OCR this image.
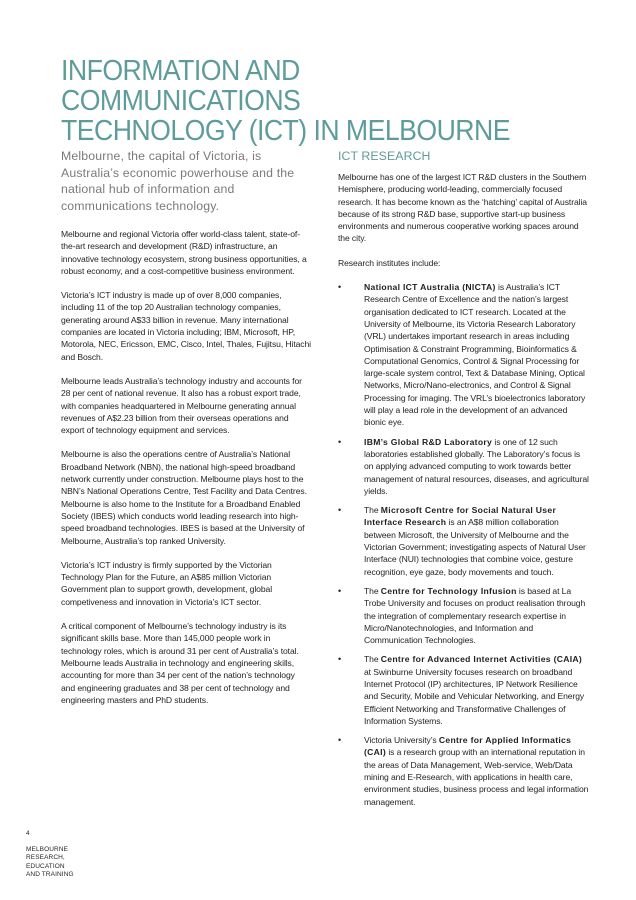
INFORMATION AND COMMUNICATIONS
TECHNOLOGY (ICT) IN MELBOURNE

Melbourne, the capital of Victoria, is Australia’s economic powerhouse and the national hub of information and communications technology.

Melbourne and regional Victoria offer world-class talent, state-of-the-art research and development (R&D) infrastructure, an innovative technology ecosystem, strong business opportunities, a robust economy, and a cost-competitive business environment.

Victoria’s ICT industry is made up of over 8,000 companies, including 11 of the top 20 Australian technology companies, generating around A$33 billion in revenue. Many international companies are located in Victoria including; IBM, Microsoft, HP, Motorola, NEC, Ericsson, EMC, Cisco, Intel, Thales, Fujitsu, Hitachi and Bosch.

Melbourne leads Australia’s technology industry and accounts for 28 per cent of national revenue. It also has a robust export trade, with companies headquartered in Melbourne generating annual revenues of A$2.23 billion from their overseas operations and export of technology equipment and services.

Melbourne is also the operations centre of Australia’s National Broadband Network (NBN), the national high-speed broadband network currently under construction. Melbourne plays host to the NBN’s National Operations Centre, Test Facility and Data Centres. Melbourne is also home to the Institute for a Broadband Enabled Society (IBES) which conducts world leading research into high-speed broadband technologies. IBES is based at the University of Melbourne, Australia’s top ranked University.

Victoria’s ICT industry is firmly supported by the Victorian Technology Plan for the Future, an A$85 million Victorian Government plan to support growth, development, global competiveness and innovation in Victoria’s ICT sector.

A critical component of Melbourne’s technology industry is its significant skills base. More than 145,000 people work in technology roles, which is around 31 per cent of Australia’s total. Melbourne leads Australia in technology and engineering skills, accounting for more than 34 per cent of the nation’s technology and engineering graduates and 38 per cent of technology and engineering masters and PhD students.

ICT RESEARCH

Melbourne has one of the largest ICT R&D clusters in the Southern Hemisphere, producing world-leading, commercially focused research. It has become known as the ‘hatching’ capital of Australia because of its strong R&D base, supportive start-up business environments and numerous cooperative working spaces around the city.

Research institutes include:

•	National ICT Australia (NICTA) is Australia’s ICT Research Centre of Excellence and the nation’s largest organisation dedicated to ICT research. Located at the University of Melbourne, its Victoria Research Laboratory (VRL) undertakes important research in areas including Optimisation & Constraint Programming, Bioinformatics & Computational Genomics, Control & Signal Processing for large-scale system control, Text & Database Mining, Optical Networks, Micro/Nano-electronics, and Control & Signal Processing for imaging. The VRL’s bioelectronics laboratory will play a lead role in the development of an advanced bionic eye.
•	IBM’s Global R&D Laboratory is one of 12 such laboratories established globally. The Laboratory’s focus is on applying advanced computing to work towards better management of natural resources, diseases, and agricultural yields.
•	The Microsoft Centre for Social Natural User Interface Research is an A$8 million collaboration between Microsoft, the University of Melbourne and the Victorian Government; investigating aspects of Natural User Interface (NUI) technologies that combine voice, gesture recognition, eye gaze, body movements and touch.
•	The Centre for Technology Infusion is based at La Trobe University and focuses on product realisation through the integration of complementary research expertise in Micro/Nanotechnologies, and Information and Communication Technologies.
•	The Centre for Advanced Internet Activities (CAIA) at Swinburne University focuses research on broadband Internet Protocol (IP) architectures, IP Network Resilience and Security, Mobile and Vehicular Networking, and Energy Efficient Networking and Transformative Challenges of Information Systems.
•	Victoria University’s Centre for Applied Informatics (CAI) is a research group with an international reputation in the areas of Data Management, Web-service, Web/Data mining and E-Research, with applications in health care, environment studies, business process and legal information management.
4
MELBOURNE
RESEARCH,
EDUCATION
AND TRAINING
